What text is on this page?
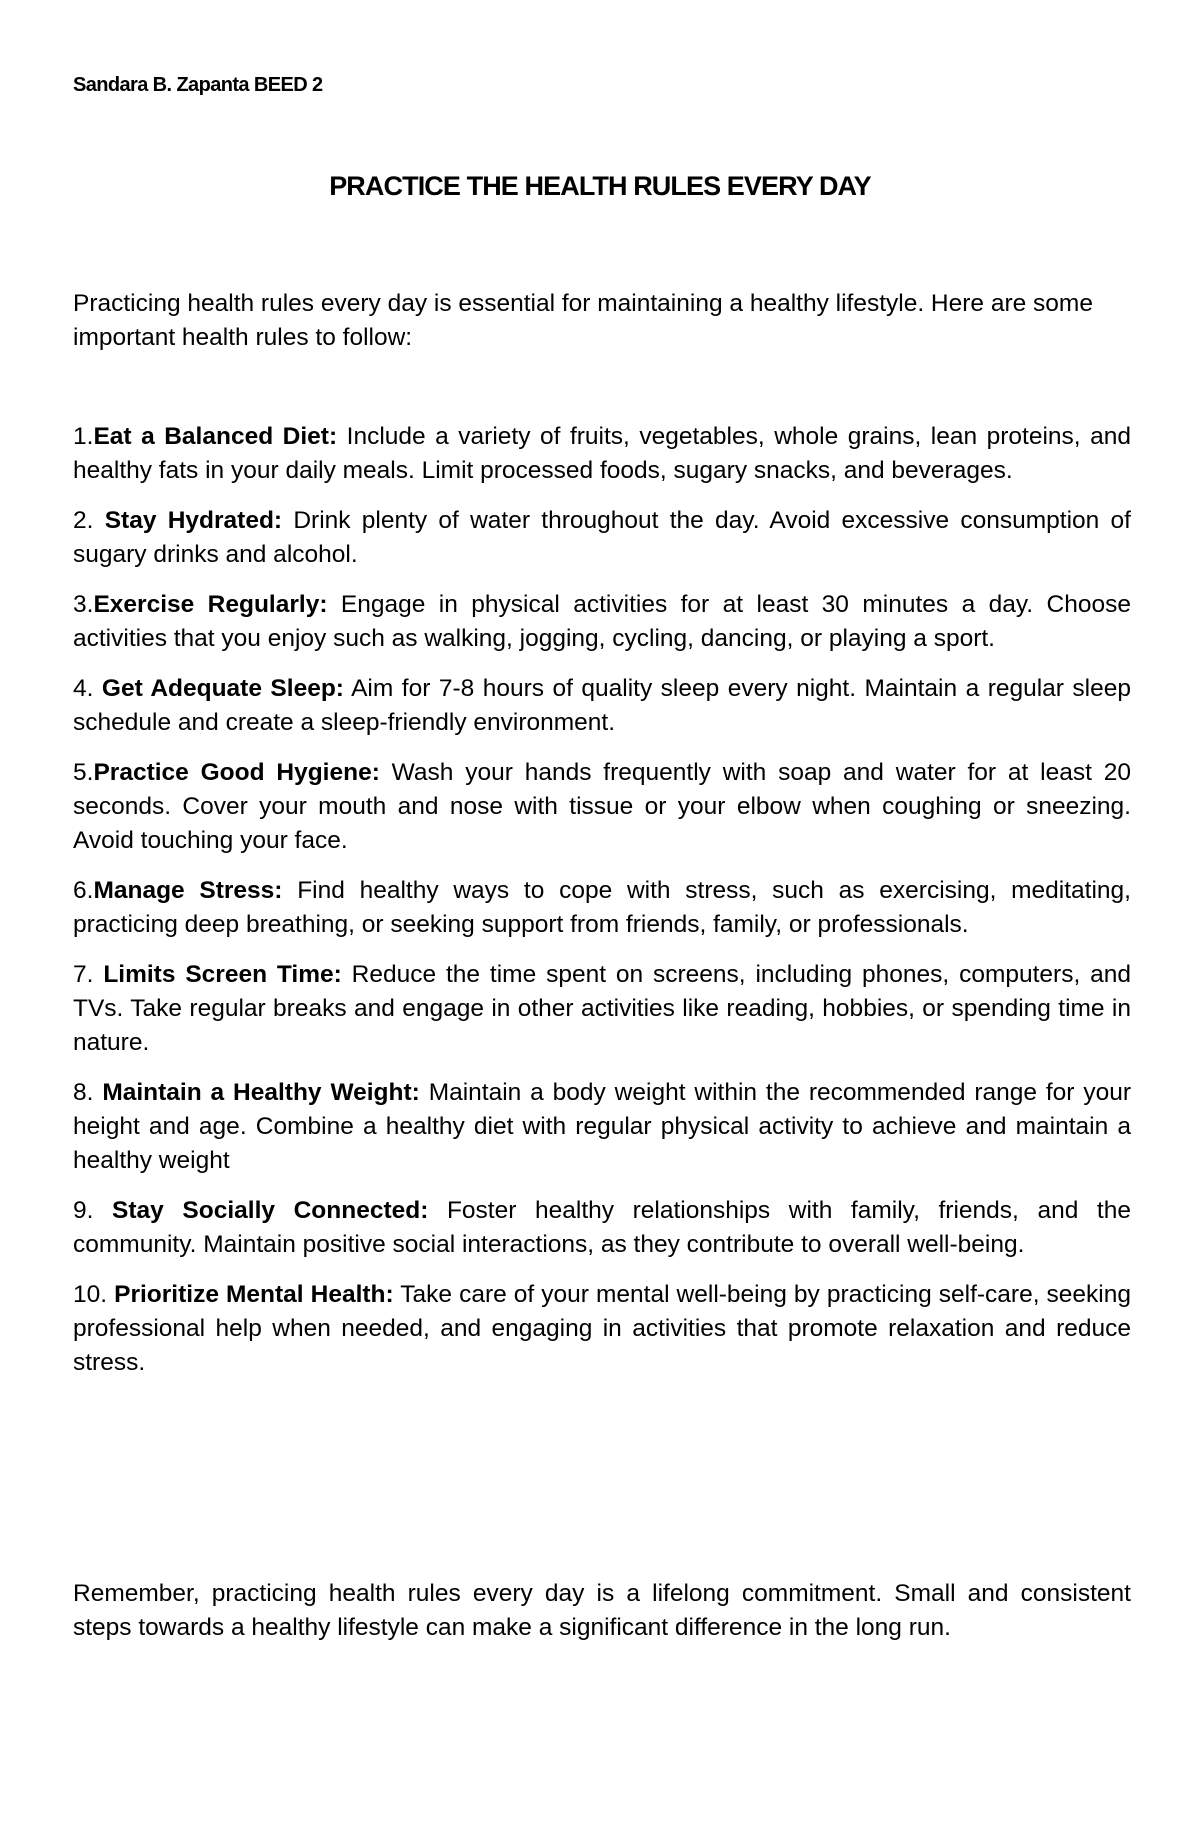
Sandara B. Zapanta BEED 2
PRACTICE THE HEALTH RULES EVERY DAY
Practicing health rules every day is essential for maintaining a healthy lifestyle. Here are some important health rules to follow:
1.Eat a Balanced Diet: Include a variety of fruits, vegetables, whole grains, lean proteins, and healthy fats in your daily meals. Limit processed foods, sugary snacks, and beverages.
2. Stay Hydrated: Drink plenty of water throughout the day. Avoid excessive consumption of sugary drinks and alcohol.
3.Exercise Regularly: Engage in physical activities for at least 30 minutes a day. Choose activities that you enjoy such as walking, jogging, cycling, dancing, or playing a sport.
4. Get Adequate Sleep: Aim for 7-8 hours of quality sleep every night. Maintain a regular sleep schedule and create a sleep-friendly environment.
5.Practice Good Hygiene: Wash your hands frequently with soap and water for at least 20 seconds. Cover your mouth and nose with tissue or your elbow when coughing or sneezing. Avoid touching your face.
6.Manage Stress: Find healthy ways to cope with stress, such as exercising, meditating, practicing deep breathing, or seeking support from friends, family, or professionals.
7. Limits Screen Time: Reduce the time spent on screens, including phones, computers, and TVs. Take regular breaks and engage in other activities like reading, hobbies, or spending time in nature.
8. Maintain a Healthy Weight: Maintain a body weight within the recommended range for your height and age. Combine a healthy diet with regular physical activity to achieve and maintain a healthy weight
9. Stay Socially Connected: Foster healthy relationships with family, friends, and the community. Maintain positive social interactions, as they contribute to overall well-being.
10. Prioritize Mental Health: Take care of your mental well-being by practicing self-care, seeking professional help when needed, and engaging in activities that promote relaxation and reduce stress.
Remember, practicing health rules every day is a lifelong commitment. Small and consistent steps towards a healthy lifestyle can make a significant difference in the long run.
